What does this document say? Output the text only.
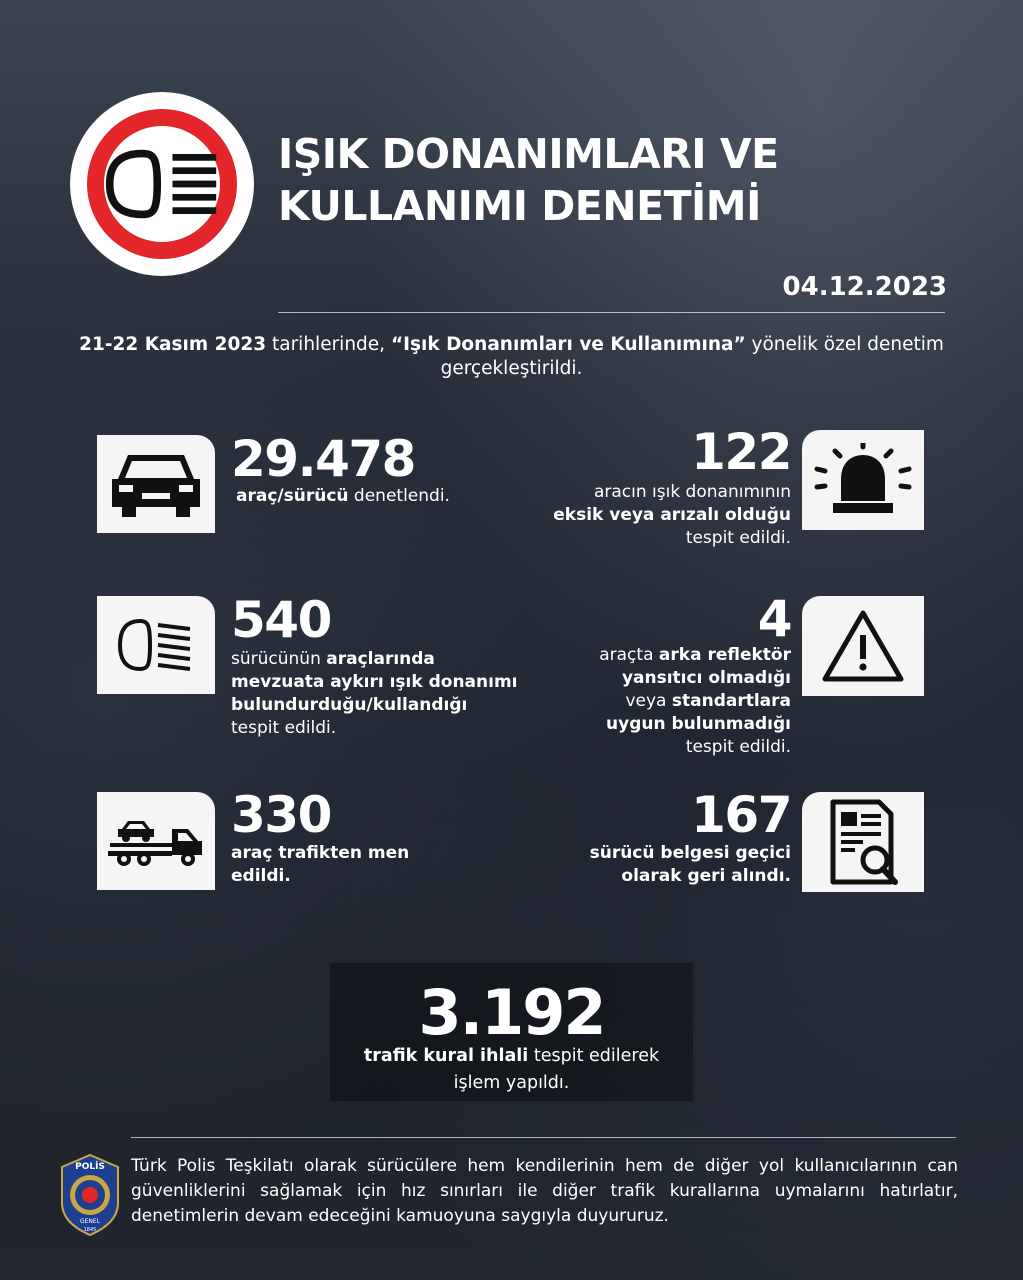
IŞIK DONANIMLARI VE
KULLANIMI DENETİMİ
04.12.2023
21-22 Kasım 2023 tarihlerinde, “Işık Donanımları ve Kullanımına” yönelik özel denetim gerçekleştirildi.
29.478
araç/sürücü denetlendi.
122
aracın ışık donanımının
eksik veya arızalı olduğu
tespit edildi.
540
sürücünün araçlarında
mevzuata aykırı ışık donanımı
bulundurduğu/kullandığı
tespit edildi.
4
araçta arka reflektör
yansıtıcı olmadığı
veya standartlara
uygun bulunmadığı
tespit edildi.
330
araç trafikten men
edildi.
167
sürücü belgesi geçici
olarak geri alındı.
3.192
trafik kural ihlali tespit edilerek
işlem yapıldı.
POLİS
GENEL
1845
Türk Polis Teşkilatı olarak sürücülere hem kendilerinin hem de diğer yol kullanıcılarının can güvenliklerini sağlamak için hız sınırları ile diğer trafik kurallarına uymalarını hatırlatır, denetimlerin devam edeceğini kamuoyuna saygıyla duyururuz.
